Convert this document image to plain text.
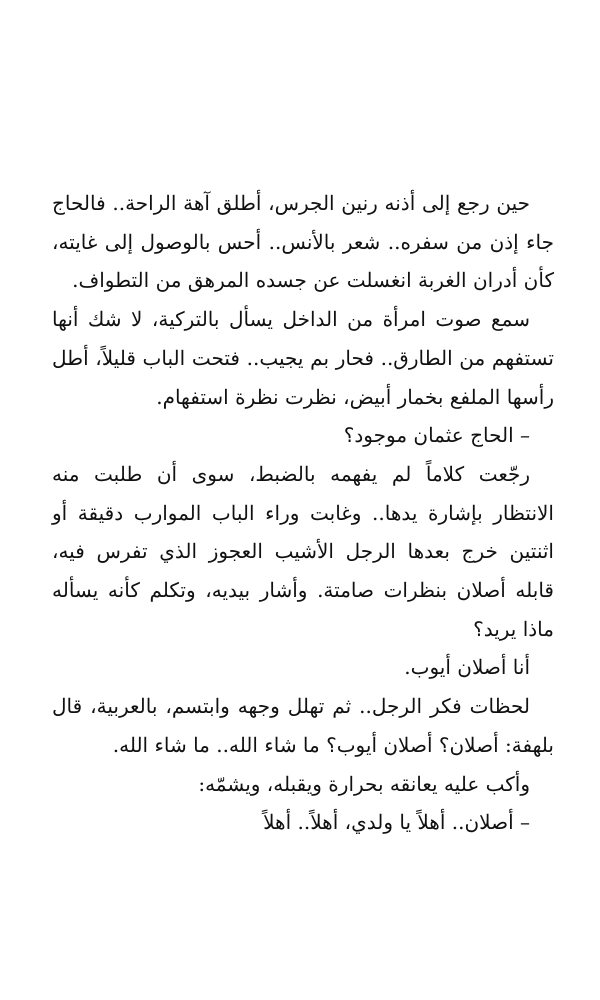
حين رجع إلى أذنه رنين الجرس، أطلق آهة الراحة.. فالحاج جاء إذن من سفره.. شعر بالأنس.. أحس بالوصول إلى غايته، كأن أدران الغربة انغسلت عن جسده المرهق من التطواف.

سمع صوت امرأة من الداخل يسأل بالتركية، لا شك أنها تستفهم من الطارق.. فحار بم يجيب.. فتحت الباب قليلاً، أطل رأسها الملفع بخمار أبيض، نظرت نظرة استفهام.

– الحاج عثمان موجود؟

رجّعت كلاماً لم يفهمه بالضبط، سوى أن طلبت منه الانتظار بإشارة يدها.. وغابت وراء الباب الموارب دقيقة أو اثنتين خرج بعدها الرجل الأشيب العجوز الذي تفرس فيه، قابله أصلان بنظرات صامتة. وأشار بيديه، وتكلم كأنه يسأله ماذا يريد؟

أنا أصلان أيوب.

لحظات فكر الرجل.. ثم تهلل وجهه وابتسم، بالعربية، قال بلهفة: أصلان؟ أصلان أيوب؟ ما شاء الله.. ما شاء الله.

وأكب عليه يعانقه بحرارة ويقبله، ويشمّه:

– أصلان.. أهلاً يا ولدي، أهلاً.. أهلاً
